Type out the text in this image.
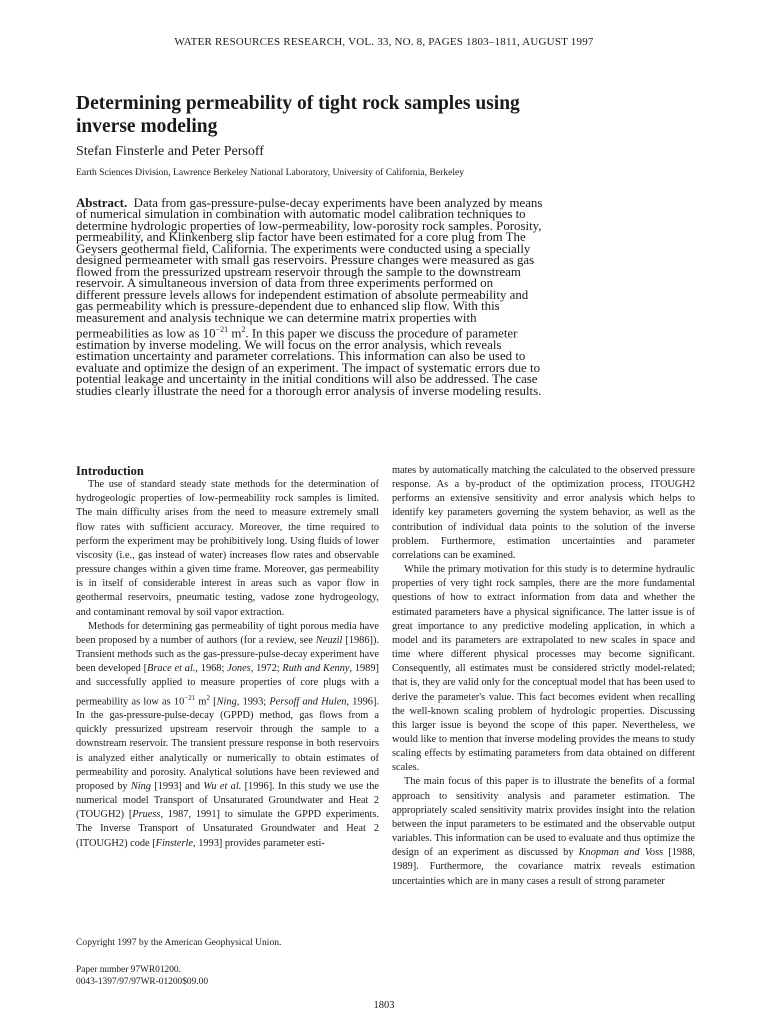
WATER RESOURCES RESEARCH, VOL. 33, NO. 8, PAGES 1803–1811, AUGUST 1997
Determining permeability of tight rock samples using
inverse modeling
Stefan Finsterle and Peter Persoff
Earth Sciences Division, Lawrence Berkeley National Laboratory, University of California, Berkeley
Abstract. Data from gas-pressure-pulse-decay experiments have been analyzed by means
of numerical simulation in combination with automatic model calibration techniques to
determine hydrologic properties of low-permeability, low-porosity rock samples. Porosity,
permeability, and Klinkenberg slip factor have been estimated for a core plug from The
Geysers geothermal field, California. The experiments were conducted using a specially
designed permeameter with small gas reservoirs. Pressure changes were measured as gas
flowed from the pressurized upstream reservoir through the sample to the downstream
reservoir. A simultaneous inversion of data from three experiments performed on
different pressure levels allows for independent estimation of absolute permeability and
gas permeability which is pressure-dependent due to enhanced slip flow. With this
measurement and analysis technique we can determine matrix properties with
permeabilities as low as $10^{-21}$ $m^2$. In this paper we discuss the procedure of parameter
estimation by inverse modeling. We will focus on the error analysis, which reveals
estimation uncertainty and parameter correlations. This information can also be used to
evaluate and optimize the design of an experiment. The impact of systematic errors due to
potential leakage and uncertainty in the initial conditions will also be addressed. The case
studies clearly illustrate the need for a thorough error analysis of inverse modeling results.

Introduction

The use of standard steady state methods for the determination of hydrogeologic properties of low-permeability rock samples is limited. The main difficulty arises from the need to measure extremely small flow rates with sufficient accuracy. Moreover, the time required to perform the experiment may be prohibitively long. Using fluids of lower viscosity (i.e., gas instead of water) increases flow rates and observable pressure changes within a given time frame. Moreover, gas permeability is in itself of considerable interest in areas such as vapor flow in geothermal reservoirs, pneumatic testing, vadose zone hydrogeology, and contaminant removal by soil vapor extraction.

Methods for determining gas permeability of tight porous media have been proposed by a number of authors (for a review, see Neuzil [1986]). Transient methods such as the gas-pressure-pulse-decay experiment have been developed [Brace et al., 1968; Jones, 1972; Ruth and Kenny, 1989] and successfully applied to measure properties of core plugs with a permeability as low as $10^{-21}$ $m^2$ [Ning, 1993; Persoff and Hulen, 1996]. In the gas-pressure-pulse-decay (GPPD) method, gas flows from a quickly pressurized upstream reservoir through the sample to a downstream reservoir. The transient pressure response in both reservoirs is analyzed either analytically or numerically to obtain estimates of permeability and porosity. Analytical solutions have been reviewed and proposed by Ning [1993] and Wu et al. [1996]. In this study we use the numerical model Transport of Unsaturated Groundwater and Heat 2 (TOUGH2) [Pruess, 1987, 1991] to simulate the GPPD experiments. The Inverse Transport of Unsaturated Groundwater and Heat 2 (ITOUGH2) code [Finsterle, 1993] provides parameter esti-

mates by automatically matching the calculated to the observed pressure response. As a by-product of the optimization process, ITOUGH2 performs an extensive sensitivity and error analysis which helps to identify key parameters governing the system behavior, as well as the contribution of individual data points to the solution of the inverse problem. Furthermore, estimation uncertainties and parameter correlations can be examined.

While the primary motivation for this study is to determine hydraulic properties of very tight rock samples, there are the more fundamental questions of how to extract information from data and whether the estimated parameters have a physical significance. The latter issue is of great importance to any predictive modeling application, in which a model and its parameters are extrapolated to new scales in space and time where different physical processes may become significant. Consequently, all estimates must be considered strictly model-related; that is, they are valid only for the conceptual model that has been used to derive the parameter's value. This fact becomes evident when recalling the well-known scaling problem of hydrologic properties. Discussing this larger issue is beyond the scope of this paper. Nevertheless, we would like to mention that inverse modeling provides the means to study scaling effects by estimating parameters from data obtained on different scales.

The main focus of this paper is to illustrate the benefits of a formal approach to sensitivity analysis and parameter estimation. The appropriately scaled sensitivity matrix provides insight into the relation between the input parameters to be estimated and the observable output variables. This information can be used to evaluate and thus optimize the design of an experiment as discussed by Knopman and Voss [1988, 1989]. Furthermore, the covariance matrix reveals estimation uncertainties which are in many cases a result of strong parameter

Copyright 1997 by the American Geophysical Union.
Paper number 97WR01200.
0043-1397/97/97WR-01200$09.00
1803
